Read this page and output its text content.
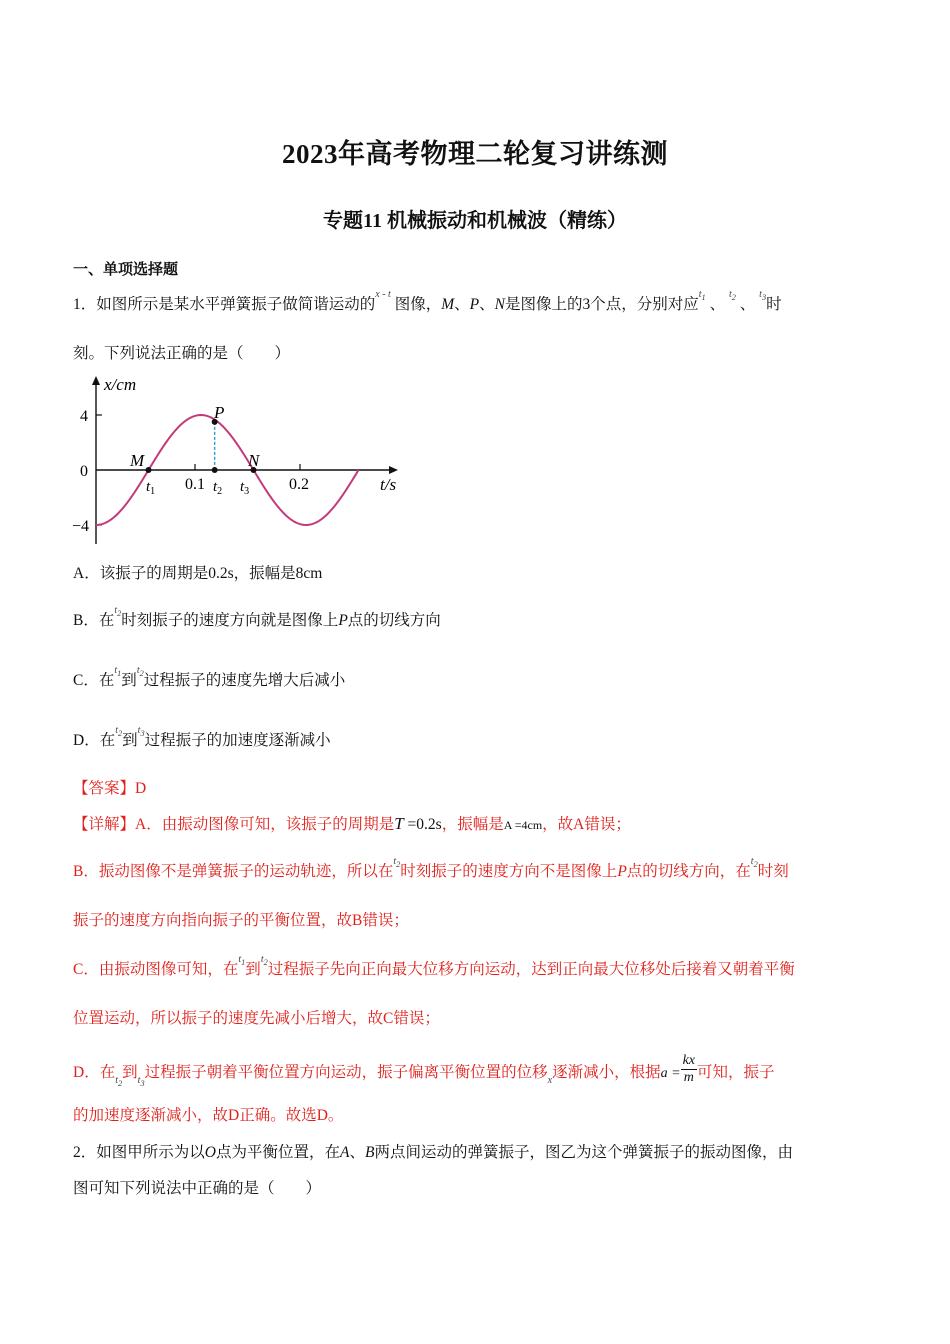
2023年高考物理二轮复习讲练测
专题11 机械振动和机械波（精练）
一、单项选择题
1．如图所示是某水平弹簧振子做简谐运动的$^{x - t}$ 图像，M、P、N是图像上的3个点，分别对应$^{t_1}$ 、 $^{t_2}$ 、 $^{t_3}$时
刻。下列说法正确的是（　　）
x/cm
t/s
4
0
−4
0.1	0.2
M
P
N
$t_1$	$t_2$ $t_3$
A．该振子的周期是0.2s，振幅是8cm
B．在$^{t_2}$时刻振子的速度方向就是图像上P点的切线方向
C．在$^{t_1}$到$^{t_2}$过程振子的速度先增大后减小
D．在$^{t_2}$到$^{t_3}$过程振子的加速度逐渐减小
【答案】D
【详解】A．由振动图像可知，该振子的周期是T =0.2s，振幅是A =4cm，故A错误；
B．振动图像不是弹簧振子的运动轨迹，所以在$^{t_2}$时刻振子的速度方向不是图像上P点的切线方向，在$^{t_2}$时刻
振子的速度方向指向振子的平衡位置，故B错误；
C．由振动图像可知，在$^{t_1}$到$^{t_2}$过程振子先向正向最大位移方向运动，达到正向最大位移处后接着又朝着平衡
位置运动，所以振子的速度先减小后增大，故C错误；
D．在$_{t_2}$到$_{t_3}$过程振子朝着平衡位置方向运动，振子偏离平衡位置的位移$_x$逐渐减小，根据$a = \frac{kx}{m}$ 可知，振子
的加速度逐渐减小，故D正确。故选D。
2．如图甲所示为以O点为平衡位置，在A、B两点间运动的弹簧振子，图乙为这个弹簧振子的振动图像，由
图可知下列说法中正确的是（　　）
